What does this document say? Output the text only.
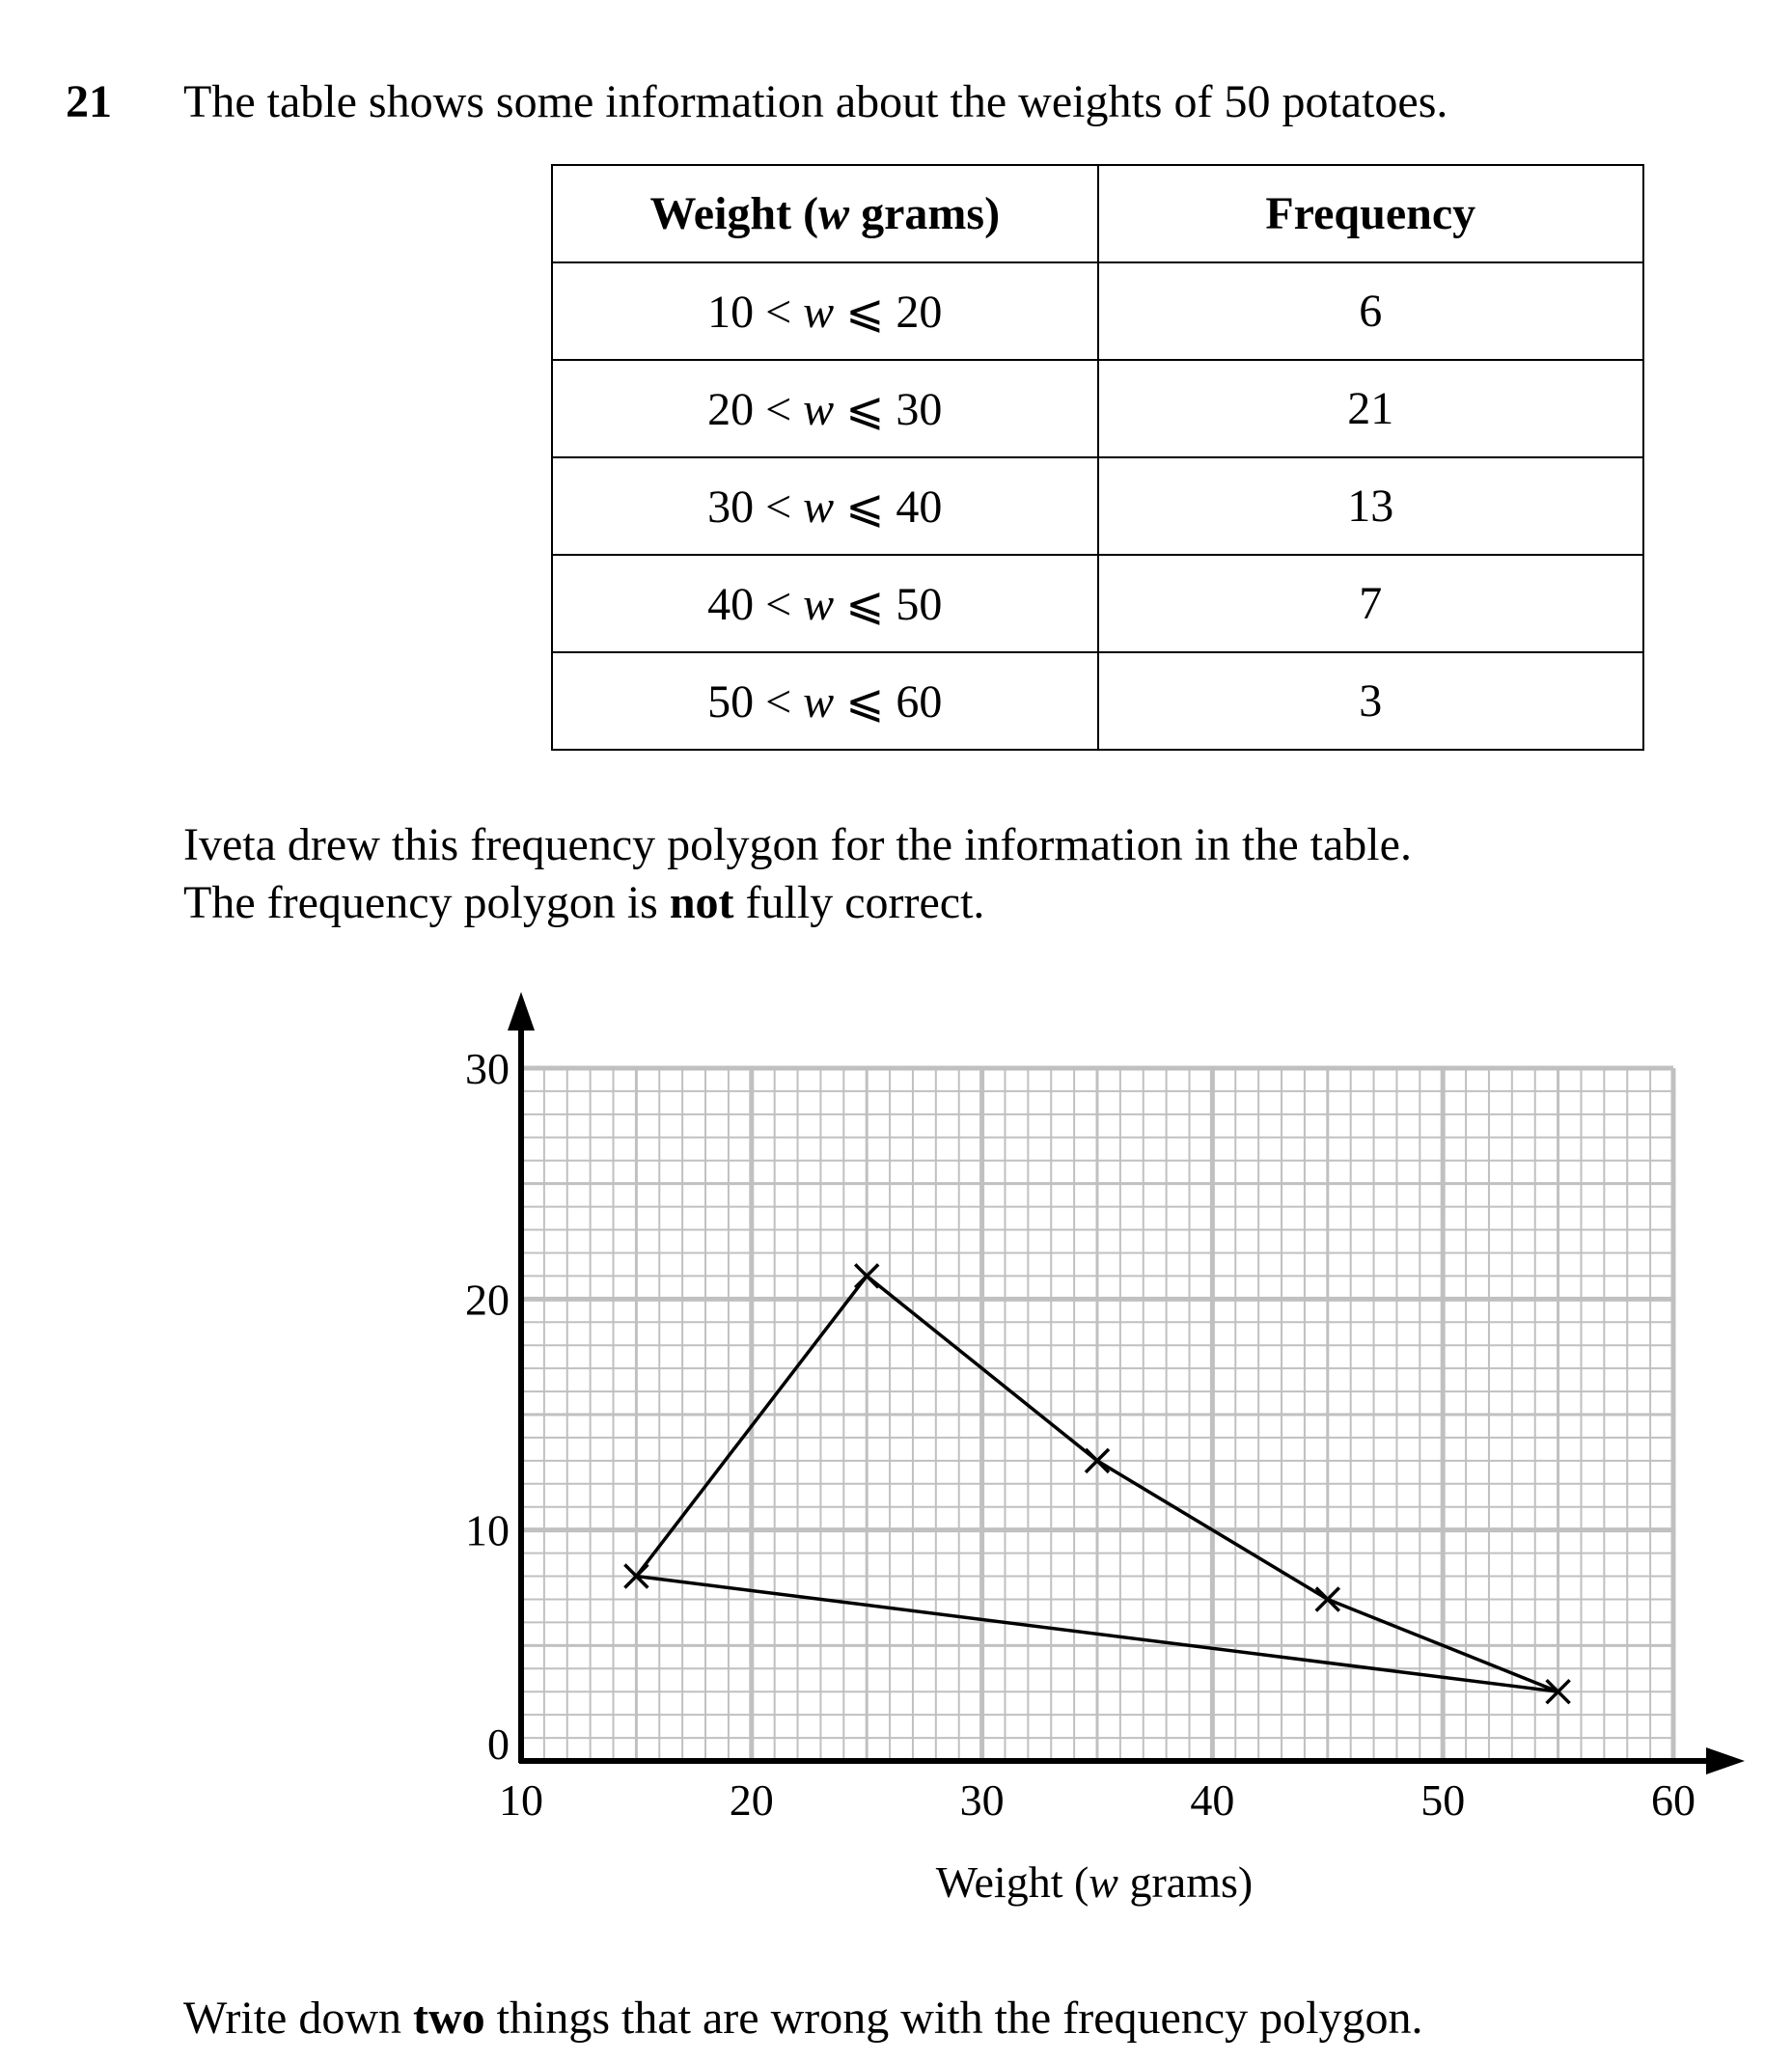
21 The table shows some information about the weights of 50 potatoes.
Weight (w grams)	Frequency
10 < w ⩽ 20	6
20 < w ⩽ 30	21
30 < w ⩽ 40	13
40 < w ⩽ 50	7
50 < w ⩽ 60	3
Iveta drew this frequency polygon for the information in the table.
The frequency polygon is not fully correct.
10	20	30	40	50	60
0
10
20
30
Weight (w grams)
Write down two things that are wrong with the frequency polygon.
